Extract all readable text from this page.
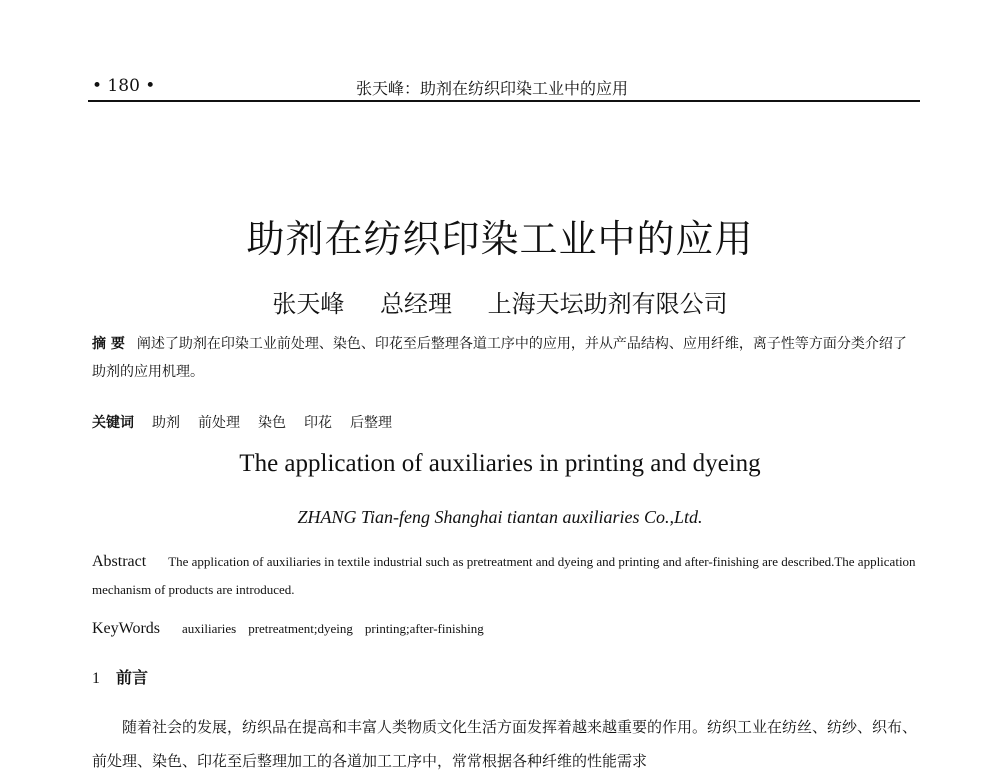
• 180 •	张天峰：助剂在纺织印染工业中的应用
助剂在纺织印染工业中的应用
张天峰 总经理 上海天坛助剂有限公司
摘 要 阐述了助剂在印染工业前处理、染色、印花至后整理各道工序中的应用，并从产品结构、应用纤维，离子性等方面分类介绍了助剂的应用机理。
关键词 助剂 前处理 染色 印花 后整理
The application of auxiliaries in printing and dyeing
ZHANG Tian-feng Shanghai tiantan auxiliaries Co.,Ltd.
Abstract The application of auxiliaries in textile industrial such as pretreatment and dyeing and printing and after-finishing are described.The application mechanism of products are introduced.
KeyWords auxiliaries pretreatment;dyeing printing;after-finishing
1 前言
随着社会的发展，纺织品在提高和丰富人类物质文化生活方面发挥着越来越重要的作用。纺织工业在纺丝、纺纱、织布、前处理、染色、印花至后整理加工的各道加工工序中，常常根据各种纤维的性能需求
